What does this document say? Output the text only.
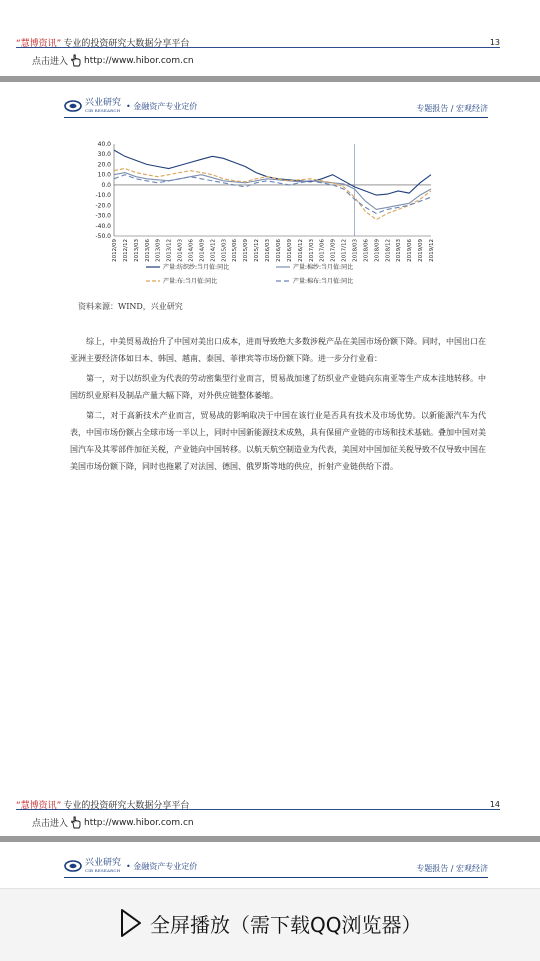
“慧博资讯” 专业的投资研究大数据分享平台	13
点击进入 http://www.hibor.com.cn
兴业研究
CIB RESEARCH • 金融资产专业定价	专题报告 / 宏观经济
40.0
30.0
20.0
10.0
0.0
-10.0
-20.0
-30.0
-40.0
-50.0
2012/09 2012/12 2013/03 2013/06 2013/09 2013/12 2014/03 2014/06 2014/09 2014/12 2015/03 2015/06 2015/09 2015/12 2016/03 2016/06 2016/09 2016/12 2017/03 2017/06 2017/09 2017/12 2018/03 2018/06 2018/09 2018/12 2019/03 2019/06 2019/09 2019/12
产量:纺织纱:当月值:同比	产量:棉纱:当月值:同比
产量:布:当月值:同比	产量:棉布:当月值:同比
资料来源：WIND，兴业研究

综上，中美贸易战抬升了中国对美出口成本，进而导致绝大多数涉税产品在美国市场份额下降。同时，中国出口在亚洲主要经济体如日本、韩国、越南、泰国、菲律宾等市场份额下降。进一步分行业看：

第一，对于以纺织业为代表的劳动密集型行业而言，贸易战加速了纺织业产业链向东南亚等生产成本洼地转移。中国纺织业原料及制品产量大幅下降，对外供应链整体萎缩。

第二，对于高新技术产业而言，贸易战的影响取决于中国在该行业是否具有技术及市场优势。以新能源汽车为代表，中国市场份额占全球市场一半以上，同时中国新能源技术成熟，具有保留产业链的市场和技术基础。叠加中国对美国汽车及其零部件加征关税，产业链向中国转移。以航天航空制造业为代表，美国对中国加征关税导致不仅导致中国在美国市场份额下降，同时也拖累了对法国、德国、俄罗斯等地的供应，折射产业链供给下滑。

“慧博资讯” 专业的投资研究大数据分享平台	14
点击进入 http://www.hibor.com.cn
兴业研究
CIB RESEARCH • 金融资产专业定价	专题报告 / 宏观经济
全屏播放（需下载QQ浏览器）
